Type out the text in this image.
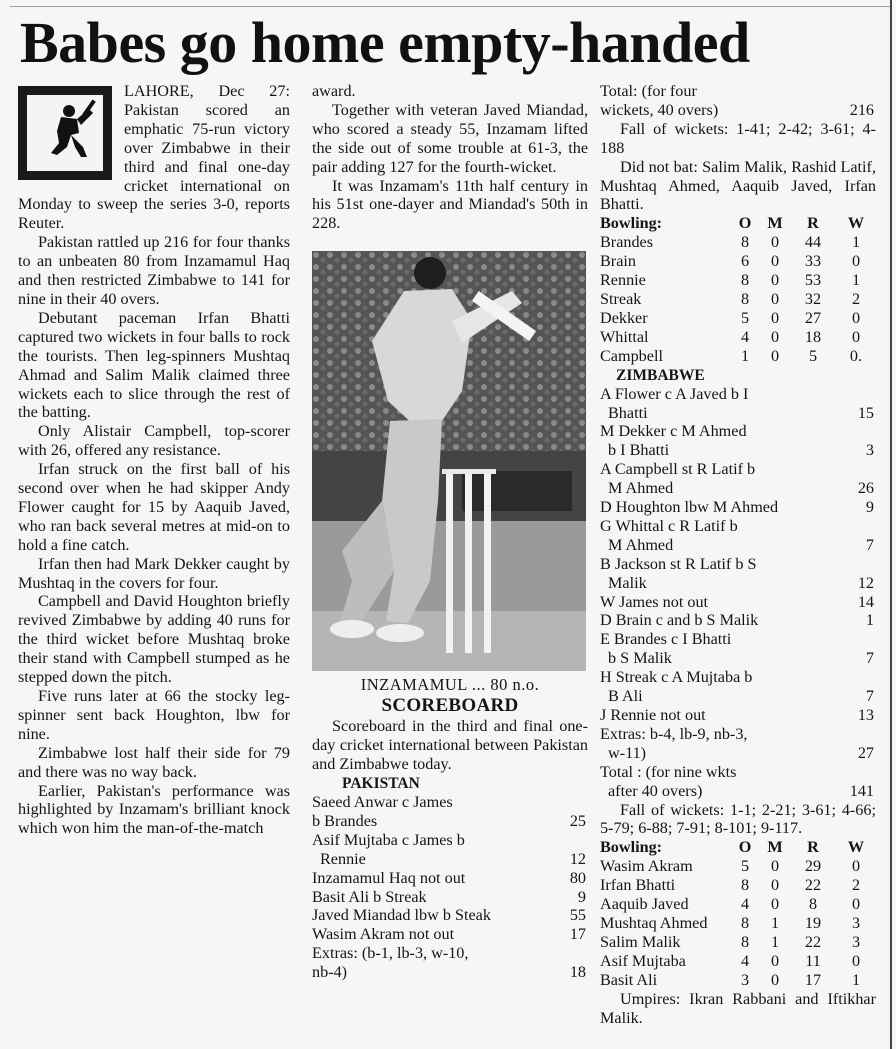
Babes go home empty-handed

LAHORE, Dec 27: Pakistan scored an emphatic 75-run victory over Zimbabwe in their third and final one-day cricket international on Monday to sweep the series 3-0, reports Reuter.

Pakistan rattled up 216 for four thanks to an unbeaten 80 from Inzamamul Haq and then restricted Zimbabwe to 141 for nine in their 40 overs.

Debutant paceman Irfan Bhatti captured two wickets in four balls to rock the tourists. Then leg-spinners Mushtaq Ahmad and Salim Malik claimed three wickets each to slice through the rest of the batting.

Only Alistair Campbell, top-scorer with 26, offered any resistance.

Irfan struck on the first ball of his second over when he had skipper Andy Flower caught for 15 by Aaquib Javed, who ran back several metres at mid-on to hold a fine catch.

Irfan then had Mark Dekker caught by Mushtaq in the covers for four.

Campbell and David Houghton briefly revived Zimbabwe by adding 40 runs for the third wicket before Mushtaq broke their stand with Campbell stumped as he stepped down the pitch.

Five runs later at 66 the stocky leg-spinner sent back Houghton, lbw for nine.

Zimbabwe lost half their side for 79 and there was no way back.

Earlier, Pakistan's performance was highlighted by Inzamam's brilliant knock which won him the man-of-the-match

award.

Together with veteran Javed Miandad, who scored a steady 55, Inzamam lifted the side out of some trouble at 61-3, the pair adding 127 for the fourth-wicket.

It was Inzamam's 11th half century in his 51st one-dayer and Miandad's 50th in 228.

INZAMAMUL ... 80 n.o.
SCOREBOARD

Scoreboard in the third and final one-day cricket international between Pakistan and Zimbabwe today.

PAKISTAN
Saeed Anwar c James
b Brandes	25
Asif Mujtaba c James b
Rennie	12
Inzamamul Haq not out	80
Basit Ali b Streak	9
Javed Miandad lbw b Steak	55
Wasim Akram not out	17
Extras: (b-1, lb-3, w-10,
nb-4)	18
Total: (for four
wickets, 40 overs)	216

Fall of wickets: 1-41; 2-42; 3-61; 4-188

Did not bat: Salim Malik, Rashid Latif, Mushtaq Ahmed, Aaquib Javed, Irfan Bhatti.

Bowling:	O M	R	W
Brandes	8	0	44	1
Brain	6	0	33	0
Rennie	8	0	53	1
Streak	8	0	32	2
Dekker	5	0	27	0
Whittal	4	0	18	0
Campbell	1	0	5	0.
ZIMBABWE
A Flower c A Javed b I
Bhatti	15
M Dekker c M Ahmed
b I Bhatti	3
A Campbell st R Latif b
M Ahmed	26
D Houghton lbw M Ahmed	9
G Whittal c R Latif b
M Ahmed	7
B Jackson st R Latif b S
Malik	12
W James not out	14
D Brain c and b S Malik	1
E Brandes c I Bhatti
b S Malik	7
H Streak c A Mujtaba b
B Ali	7
J Rennie not out	13
Extras: b-4, lb-9, nb-3,
w-11)	27
Total : (for nine wkts
after 40 overs)	141

Fall of wickets: 1-1; 2-21; 3-61; 4-66; 5-79; 6-88; 7-91; 8-101; 9-117.

Bowling:	O M	R	W
Wasim Akram	5	0	29	0
Irfan Bhatti	8	0	22	2
Aaquib Javed	4	0	8	0
Mushtaq Ahmed	8	1	19	3
Salim Malik	8	1	22	3
Asif Mujtaba	4	0	11	0
Basit Ali	3	0	17	1

Umpires: Ikran Rabbani and Iftikhar Malik.
